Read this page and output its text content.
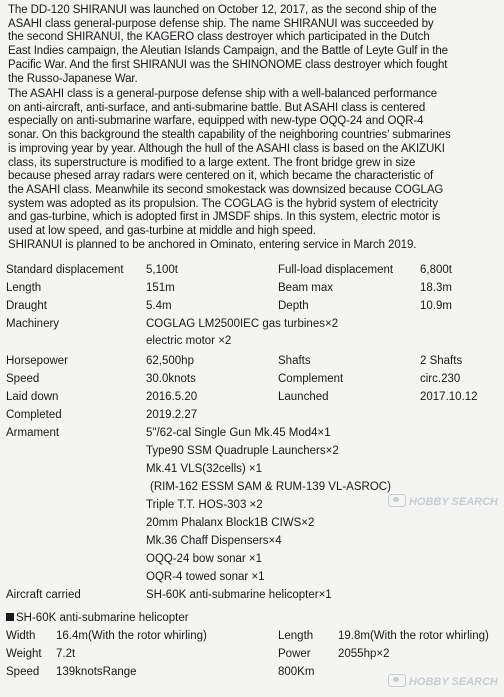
The DD-120 SHIRANUI was launched on October 12, 2017, as the second ship of the
ASAHI class general-purpose defense ship. The name SHIRANUI was succeeded by
the second SHIRANUI, the KAGERO class destroyer which participated in the Dutch
East Indies campaign, the Aleutian Islands Campaign, and the Battle of Leyte Gulf in the
Pacific War. And the first SHIRANUI was the SHINONOME class destroyer which fought
the Russo-Japanese War.
The ASAHI class is a general-purpose defense ship with a well-balanced performance
on anti-aircraft, anti-surface, and anti-submarine battle. But ASAHI class is centered
especially on anti-submarine warfare, equipped with new-type OQQ-24 and OQR-4
sonar. On this background the stealth capability of the neighboring countries' submarines
is improving year by year. Although the hull of the ASAHI class is based on the AKIZUKI
class, its superstructure is modified to a large extent. The front bridge grew in size
because phesed array radars were centered on it, which became the characteristic of
the ASAHI class. Meanwhile its second smokestack was downsized because COGLAG
system was adopted as its propulsion. The COGLAG is the hybrid system of electricity
and gas-turbine, which is adopted first in JMSDF ships. In this system, electric motor is
used at low speed, and gas-turbine at middle and high speed.
SHIRANUI is planned to be anchored in Ominato, entering service in March 2019.
Standard displacement 5,100t	Full-load displacement 6,800t
Length	151m	Beam max	18.3m
Draught	5.4m	Depth	10.9m
Machinery	COGLAG LM2500IEC gas turbines×2
electric motor ×2
Horsepower	62,500hp	Shafts	2 Shafts
Speed	30.0knots	Complement	circ.230
Laid down	2016.5.20	Launched	2017.10.12
Completed	2019.2.27
Armament	5"/62-cal Single Gun Mk.45 Mod4×1
Type90 SSM Quadruple Launchers×2
Mk.41 VLS(32cells) ×1
(RIM-162 ESSM SAM & RUM-139 VL-ASROC)
Triple T.T. HOS-303 ×2
20mm Phalanx Block1B CIWS×2
Mk.36 Chaff Dispensers×4
OQQ-24 bow sonar ×1
OQR-4 towed sonar ×1
Aircraft carried	SH-60K anti-submarine helicopter×1
SH-60K anti-submarine helicopter
Width 16.4m(With the rotor whirling)	Length 19.8m(With the rotor whirling)
Weight 7.2t	Power 2055hp×2
Speed 139knotsRange	800Km
HOBBY SEARCH
HOBBY SEARCH
